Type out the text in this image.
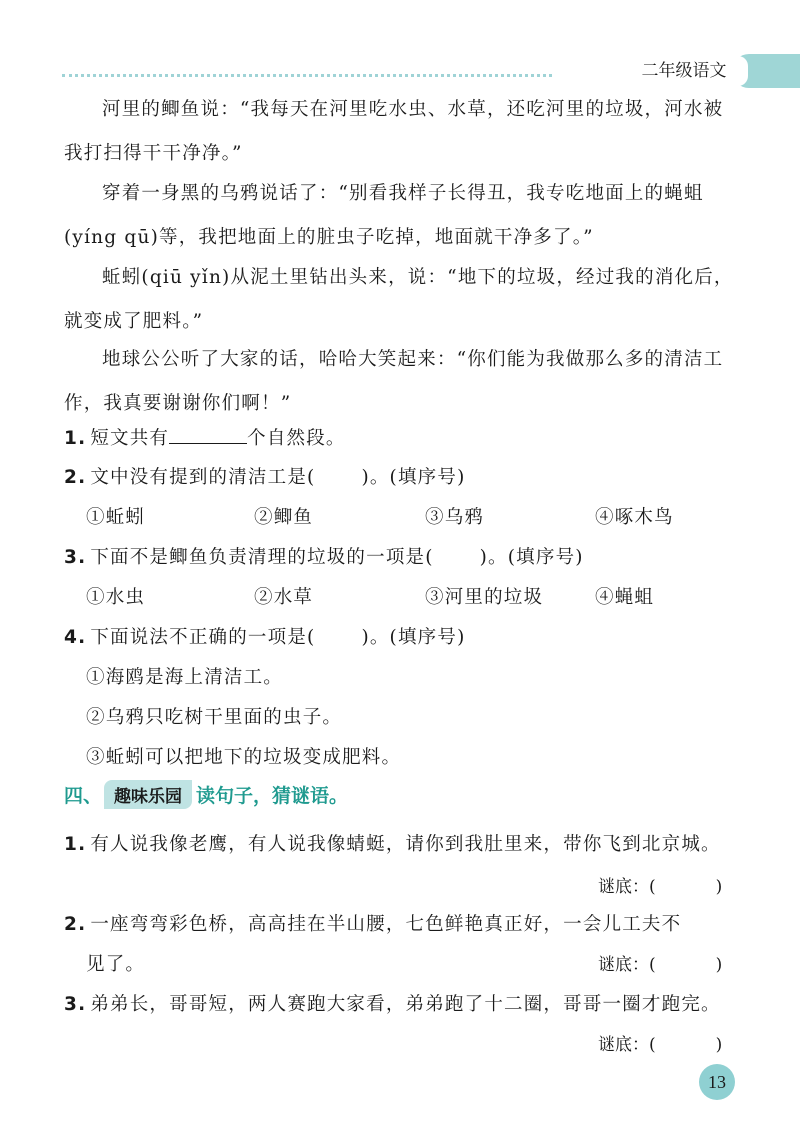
二年级语文

河里的鲫鱼说：“我每天在河里吃水虫、水草，还吃河里的垃圾，河水被我打扫得干干净净。”

穿着一身黑的乌鸦说话了：“别看我样子长得丑，我专吃地面上的蝇蛆(yíng qū)等，我把地面上的脏虫子吃掉，地面就干净多了。”

蚯蚓(qiū yǐn)从泥土里钻出头来，说：“地下的垃圾，经过我的消化后，就变成了肥料。”

地球公公听了大家的话，哈哈大笑起来：“你们能为我做那么多的清洁工作，我真要谢谢你们啊！”

1. 短文共有	个自然段。
2. 文中没有提到的清洁工是( )。(填序号)
①蚯蚓	②鲫鱼	③乌鸦	④啄木鸟
3. 下面不是鲫鱼负责清理的垃圾的一项是( )。(填序号)
①水虫	②水草	③河里的垃圾	④蝇蛆
4. 下面说法不正确的一项是( )。(填序号)
①海鸥是海上清洁工。
②乌鸦只吃树干里面的虫子。
③蚯蚓可以把地下的垃圾变成肥料。
四、 趣味乐园 读句子，猜谜语。
1. 有人说我像老鹰，有人说我像蜻蜓，请你到我肚里来，带你飞到北京城。
谜底：(	)
2. 一座弯弯彩色桥，高高挂在半山腰，七色鲜艳真正好，一会儿工夫不
见了。	谜底：(	)
3. 弟弟长，哥哥短，两人赛跑大家看，弟弟跑了十二圈，哥哥一圈才跑完。
谜底：(	)
13
